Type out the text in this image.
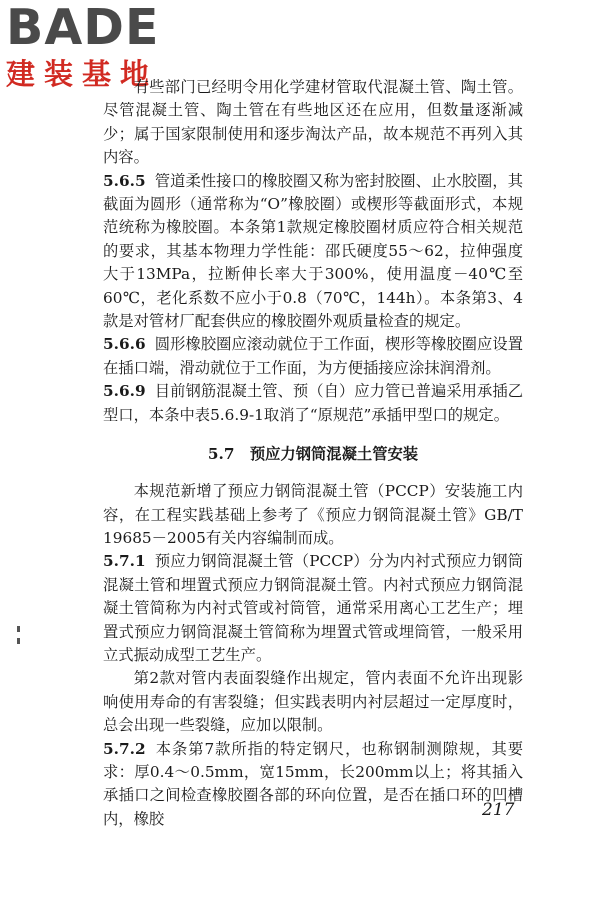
BADE
建装基地

有些部门已经明令用化学建材管取代混凝土管、陶土管。尽管混凝土管、陶土管在有些地区还在应用，但数量逐渐减少；属于国家限制使用和逐步淘汰产品，故本规范不再列入其内容。

5.6.5 管道柔性接口的橡胶圈又称为密封胶圈、止水胶圈，其截面为圆形（通常称为“O”橡胶圈）或楔形等截面形式，本规范统称为橡胶圈。本条第1款规定橡胶圈材质应符合相关规范的要求，其基本物理力学性能：邵氏硬度55～62，拉伸强度大于13MPa，拉断伸长率大于300%，使用温度－40℃至60℃，老化系数不应小于0.8（70℃，144h）。本条第3、4款是对管材厂配套供应的橡胶圈外观质量检查的规定。

5.6.6 圆形橡胶圈应滚动就位于工作面，楔形等橡胶圈应设置在插口端，滑动就位于工作面，为方便插接应涂抹润滑剂。

5.6.9 目前钢筋混凝土管、预（自）应力管已普遍采用承插乙型口，本条中表5.6.9-1取消了“原规范”承插甲型口的规定。

5.7 预应力钢筒混凝土管安装

本规范新增了预应力钢筒混凝土管（PCCP）安装施工内容，在工程实践基础上参考了《预应力钢筒混凝土管》GB/T 19685－2005有关内容编制而成。

5.7.1 预应力钢筒混凝土管（PCCP）分为内衬式预应力钢筒混凝土管和埋置式预应力钢筒混凝土管。内衬式预应力钢筒混凝土管简称为内衬式管或衬筒管，通常采用离心工艺生产；埋置式预应力钢筒混凝土管简称为埋置式管或埋筒管，一般采用立式振动成型工艺生产。

第2款对管内表面裂缝作出规定，管内表面不允许出现影响使用寿命的有害裂缝；但实践表明内衬层超过一定厚度时，总会出现一些裂缝，应加以限制。

5.7.2 本条第7款所指的特定钢尺，也称钢制测隙规，其要求：厚0.4～0.5mm，宽15mm，长200mm以上；将其插入承插口之间检查橡胶圈各部的环向位置，是否在插口环的凹槽内，橡胶	217
